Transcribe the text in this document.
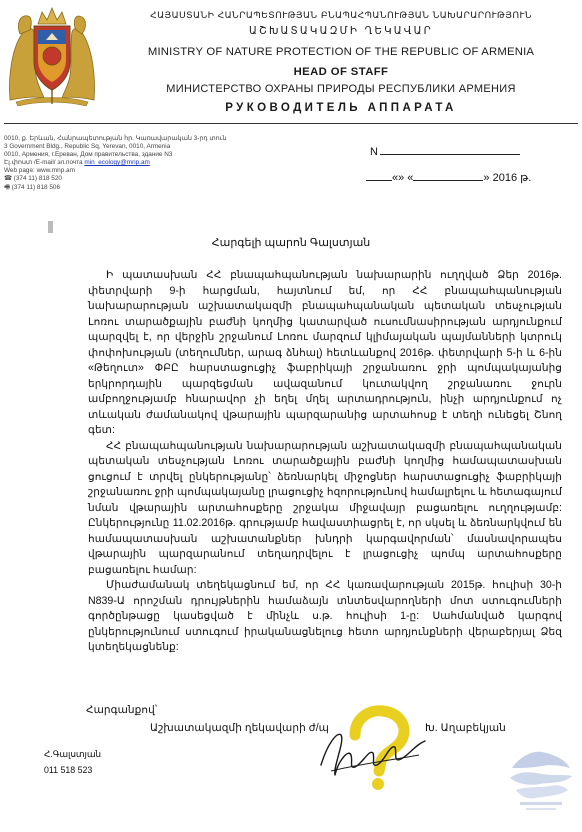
ՀԱՅԱՍՏԱՆԻ ՀԱՆՐԱՊԵՏՈՒԹՅԱՆ ԲՆԱՊԱՀՊԱՆՈՒԹՅԱՆ ՆԱԽԱՐԱՐՈՒԹՅՈՒՆ
ԱՇԽԱՏԱԿԱԶՄԻ ՂԵԿԱՎԱՐ
MINISTRY OF NATURE PROTECTION OF THE REPUBLIC OF ARMENIA
HEAD OF STAFF
МИНИСТЕРСТВО ОХРАНЫ ПРИРОДЫ РЕСПУБЛИКИ АРМЕНИЯ
РУКОВОДИТЕЛЬ АППАРАТА
0010, ք. Երևան, Հանրապետության հր. Կառավարական 3-րդ տուն
3 Government Bldg., Republic Sq, Yerevan, 0010, Armenia
0010, Армения, г.Ереван, Дом правительства, здание N3
Էլ.փոստ /E-mail/ эл.почта min_ecology@mnp.am
Web page: www.mnp.am
☎ (374 11) 818 520
🖷 (374 11) 818 506
N
«» «	» 2016 թ.
Հարգելի պարոն Գալստյան

Ի պատասխան ՀՀ բնապահպանության նախարարին ուղղված Ձեր 2016թ. փետրվարի 9-ի հարցման, հայտնում եմ, որ ՀՀ բնապահպանության նախարարության աշխատակազմի բնապահպանական պետական տեսչության Լոռու տարածքային բաժնի կողմից կատարված ուսումնասիրության արդյունքում պարզվել է, որ վերջին շրջանում Լոռու մարզում կլիմայական պայմանների կտրուկ փոփոխության (տեղումներ, արագ ձնհալ) հետևանքով 2016թ. փետրվարի 5-ի և 6-ին «Թեղուտ» ՓԲԸ հարստացուցիչ ֆաբրիկայի շրջանառու ջրի պոմպակայանից երկրորդային պարզեցման ավազանում կուտակվող շրջանառու ջուրն ամբողջությամբ հնարավոր չի եղել մղել արտադրություն, ինչի արդյունքում ոչ տևական ժամանակով վթարային պարզարանից արտահոսք է տեղի ունեցել Շնող գետ:

ՀՀ բնապահպանության նախարարության աշխատակազմի բնապահպանական պետական տեսչության Լոռու տարածքային բաժնի կողմից համապատասխան ցուցում է տրվել ընկերությանը՝ ձեռնարկել միջոցներ հարստացուցիչ ֆաբրիկայի շրջանառու ջրի պոմպակայանը լրացուցիչ հզորությունով համալրելու և հետագայում նման վթարային արտահոսքերը շրջակա միջավայր բացառելու ուղղությամբ: Ընկերությունը 11.02.2016թ. գրությամբ հավաստիացրել է, որ սկսել և ձեռնարկվում են համապատասխան աշխատանքներ խնդրի կարգավորման՝ մասնավորապես վթարային պարզարանում տեղադրվելու է լրացուցիչ պոմպ արտահոսքերը բացառելու համար:

Միաժամանակ տեղեկացնում եմ, որ ՀՀ կառավարության 2015թ. հուլիսի 30-ի N839-Ա որոշման դրույթներին համաձայն տնտեսվարողների մոտ ստուգումների գործընթացը կասեցված է մինչև ս.թ. հուլիսի 1-ը: Սահմանված կարգով ընկերությունում ստուգում իրականացնելուց հետո արդյունքների վերաբերյալ Ձեզ կտեղեկացնենք:

Հարգանքով՝
Աշխատակազմի ղեկավարի ժ/պ	Խ. Աղաբեկյան
Հ.Գալստյան
011 518 523
